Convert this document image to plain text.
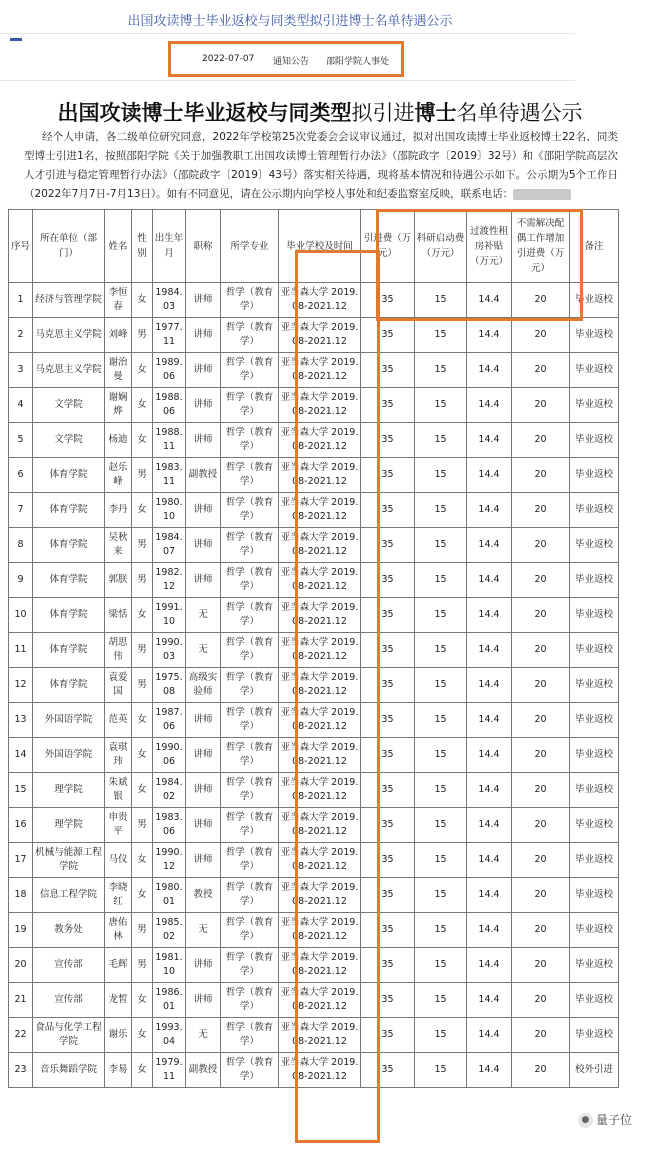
出国攻读博士毕业返校与同类型拟引进博士名单待遇公示
2022-07-07 通知公告 邵阳学院人事处
出国攻读博士毕业返校与同类型拟引进博士名单待遇公示
经个人申请，各二级单位研究同意，2022年学校第25次党委会会议审议通过，拟对出国攻读博士毕业返校博士22名、同类型博士引进1名，按照邵阳学院《关于加强教职工出国攻读博士管理暂行办法》（邵院政字〔2019〕32号）和《邵阳学院高层次人才引进与稳定管理暂行办法》（邵院政字〔2019〕43号）落实相关待遇，现将基本情况和待遇公示如下。公示期为5个工作日（2022年7月7日-7月13日）。如有不同意见，请在公示期内向学校人事处和纪委监察室反映，联系电话：
序号	所在单位（部门）	姓名	性别	出生年月	职称	所学专业	毕业学校及时间	引进费（万元）	科研启动费（万元）	过渡性租房补贴（万元）	不需解决配偶工作增加引进费（万元）	备注
1	经济与管理学院	李恒春	女	1984.03	讲师	哲学（教育学）	亚当森大学 2019.08-2021.12	35	15	14.4	20	毕业返校
2	马克思主义学院	刘峰	男	1977.11	讲师	哲学（教育学）	亚当森大学 2019.08-2021.12	35	15	14.4	20	毕业返校
3	马克思主义学院	谢治曼	女	1989.06	讲师	哲学（教育学）	亚当森大学 2019.08-2021.12	35	15	14.4	20	毕业返校
4	文学院	谢娴烨	女	1988.06	讲师	哲学（教育学）	亚当森大学 2019.08-2021.12	35	15	14.4	20	毕业返校
5	文学院	杨迪	女	1988.11	讲师	哲学（教育学）	亚当森大学 2019.08-2021.12	35	15	14.4	20	毕业返校
6	体育学院	赵乐峰	男	1983.11	副教授	哲学（教育学）	亚当森大学 2019.08-2021.12	35	15	14.4	20	毕业返校
7	体育学院	李丹	女	1980.10	讲师	哲学（教育学）	亚当森大学 2019.08-2021.12	35	15	14.4	20	毕业返校
8	体育学院	吴秋来	男	1984.07	讲师	哲学（教育学）	亚当森大学 2019.08-2021.12	35	15	14.4	20	毕业返校
9	体育学院	郭朕	男	1982.12	讲师	哲学（教育学）	亚当森大学 2019.08-2021.12	35	15	14.4	20	毕业返校
10	体育学院	梁恬	女	1991.10	无	哲学（教育学）	亚当森大学 2019.08-2021.12	35	15	14.4	20	毕业返校
11	体育学院	胡思伟	男	1990.03	无	哲学（教育学）	亚当森大学 2019.08-2021.12	35	15	14.4	20	毕业返校
12	体育学院	袁爱国	男	1975.08	高级实验师	哲学（教育学）	亚当森大学 2019.08-2021.12	35	15	14.4	20	毕业返校
13	外国语学院	范英	女	1987.06	讲师	哲学（教育学）	亚当森大学 2019.08-2021.12	35	15	14.4	20	毕业返校
14	外国语学院	袁琪玮	女	1990.06	讲师	哲学（教育学）	亚当森大学 2019.08-2021.12	35	15	14.4	20	毕业返校
15	理学院	朱斌银	女	1984.02	讲师	哲学（教育学）	亚当森大学 2019.08-2021.12	35	15	14.4	20	毕业返校
16	理学院	申贵平	男	1983.06	讲师	哲学（教育学）	亚当森大学 2019.08-2021.12	35	15	14.4	20	毕业返校
17	机械与能源工程学院	马仪	女	1990.12	讲师	哲学（教育学）	亚当森大学 2019.08-2021.12	35	15	14.4	20	毕业返校
18	信息工程学院	李晓红	女	1980.01	教授	哲学（教育学）	亚当森大学 2019.08-2021.12	35	15	14.4	20	毕业返校
19	教务处	唐佑林	男	1985.02	无	哲学（教育学）	亚当森大学 2019.08-2021.12	35	15	14.4	20	毕业返校
20	宣传部	毛辉	男	1981.10	讲师	哲学（教育学）	亚当森大学 2019.08-2021.12	35	15	14.4	20	毕业返校
21	宣传部	龙皙	女	1986.01	讲师	哲学（教育学）	亚当森大学 2019.08-2021.12	35	15	14.4	20	毕业返校
22	食品与化学工程学院	谢乐	女	1993.04	无	哲学（教育学）	亚当森大学 2019.08-2021.12	35	15	14.4	20	毕业返校
23	音乐舞蹈学院	李易	女	1979.11	副教授	哲学（教育学）	亚当森大学 2019.08-2021.12	35	15	14.4	20	校外引进
● 量子位
